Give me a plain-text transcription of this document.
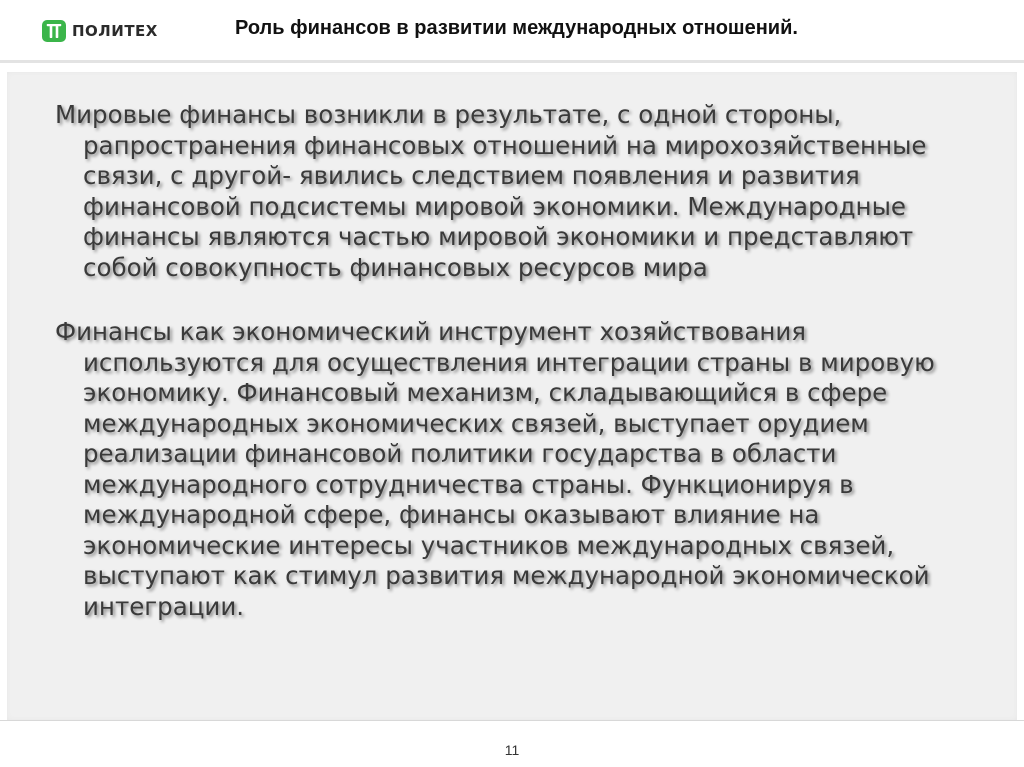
ПОЛИТЕХ	Роль финансов в развитии международных отношений.

Мировые финансы возникли в результате, с одной стороны, рапространения финансовых отношений на мирохозяйственные связи, с другой- явились следствием появления и развития финансовой подсистемы мировой экономики. Международные финансы являются частью мировой экономики и представляют собой совокупность финансовых ресурсов мира

Финансы как экономический инструмент хозяйствования используются для осуществления интеграции страны в мировую экономику. Финансовый механизм, складывающийся в сфере международных экономических связей, выступает орудием реализации финансовой политики государства в области международного сотрудничества страны. Функционируя в международной сфере, финансы оказывают влияние на экономические интересы участников международных связей, выступают как стимул развития международной экономической интеграции.

11
